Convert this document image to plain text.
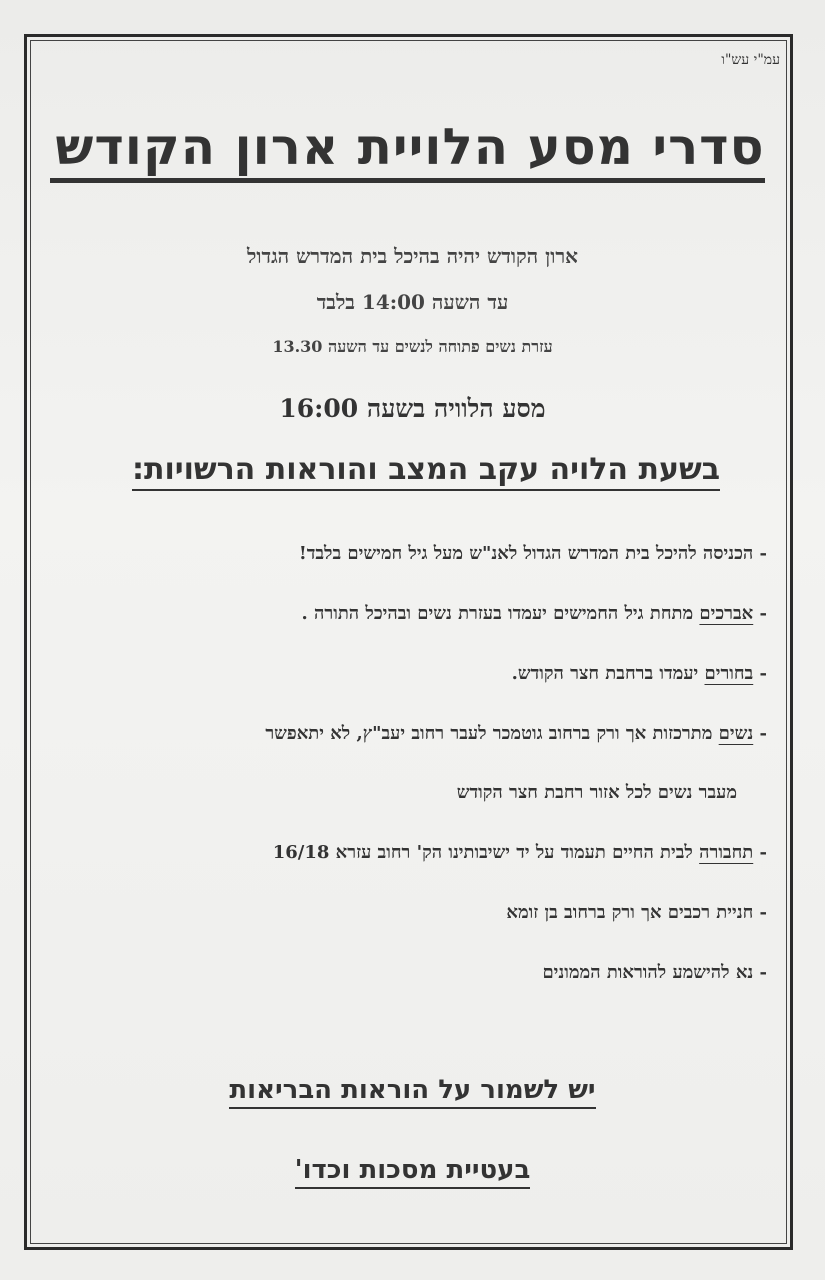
עמ"י עש"ו
סדרי מסע הלויית ארון הקודש
ארון הקודש יהיה בהיכל בית המדרש הגדול
עד השעה 14:00 בלבד
עזרת נשים פתוחה לנשים עד השעה 13.30
מסע הלוויה בשעה 16:00
בשעת הלויה עקב המצב והוראות הרשויות:
- הכניסה להיכל בית המדרש הגדול לאנ"ש מעל גיל חמישים בלבד!
- אברכים מתחת גיל החמישים יעמדו בעזרת נשים ובהיכל התורה .
- בחורים יעמדו ברחבת חצר הקודש.
- נשים מתרכזות אך ורק ברחוב גוטמכר לעבר רחוב יעב"ץ, לא יתאפשר
מעבר נשים לכל אזור רחבת חצר הקודש
- תחבורה לבית החיים תעמוד על יד ישיבותינו הק' רחוב עזרא 16/18
- חניית רכבים אך ורק ברחוב בן זומא
- נא להישמע להוראות הממונים
יש לשמור על הוראות הבריאות
בעטיית מסכות וכדו'
